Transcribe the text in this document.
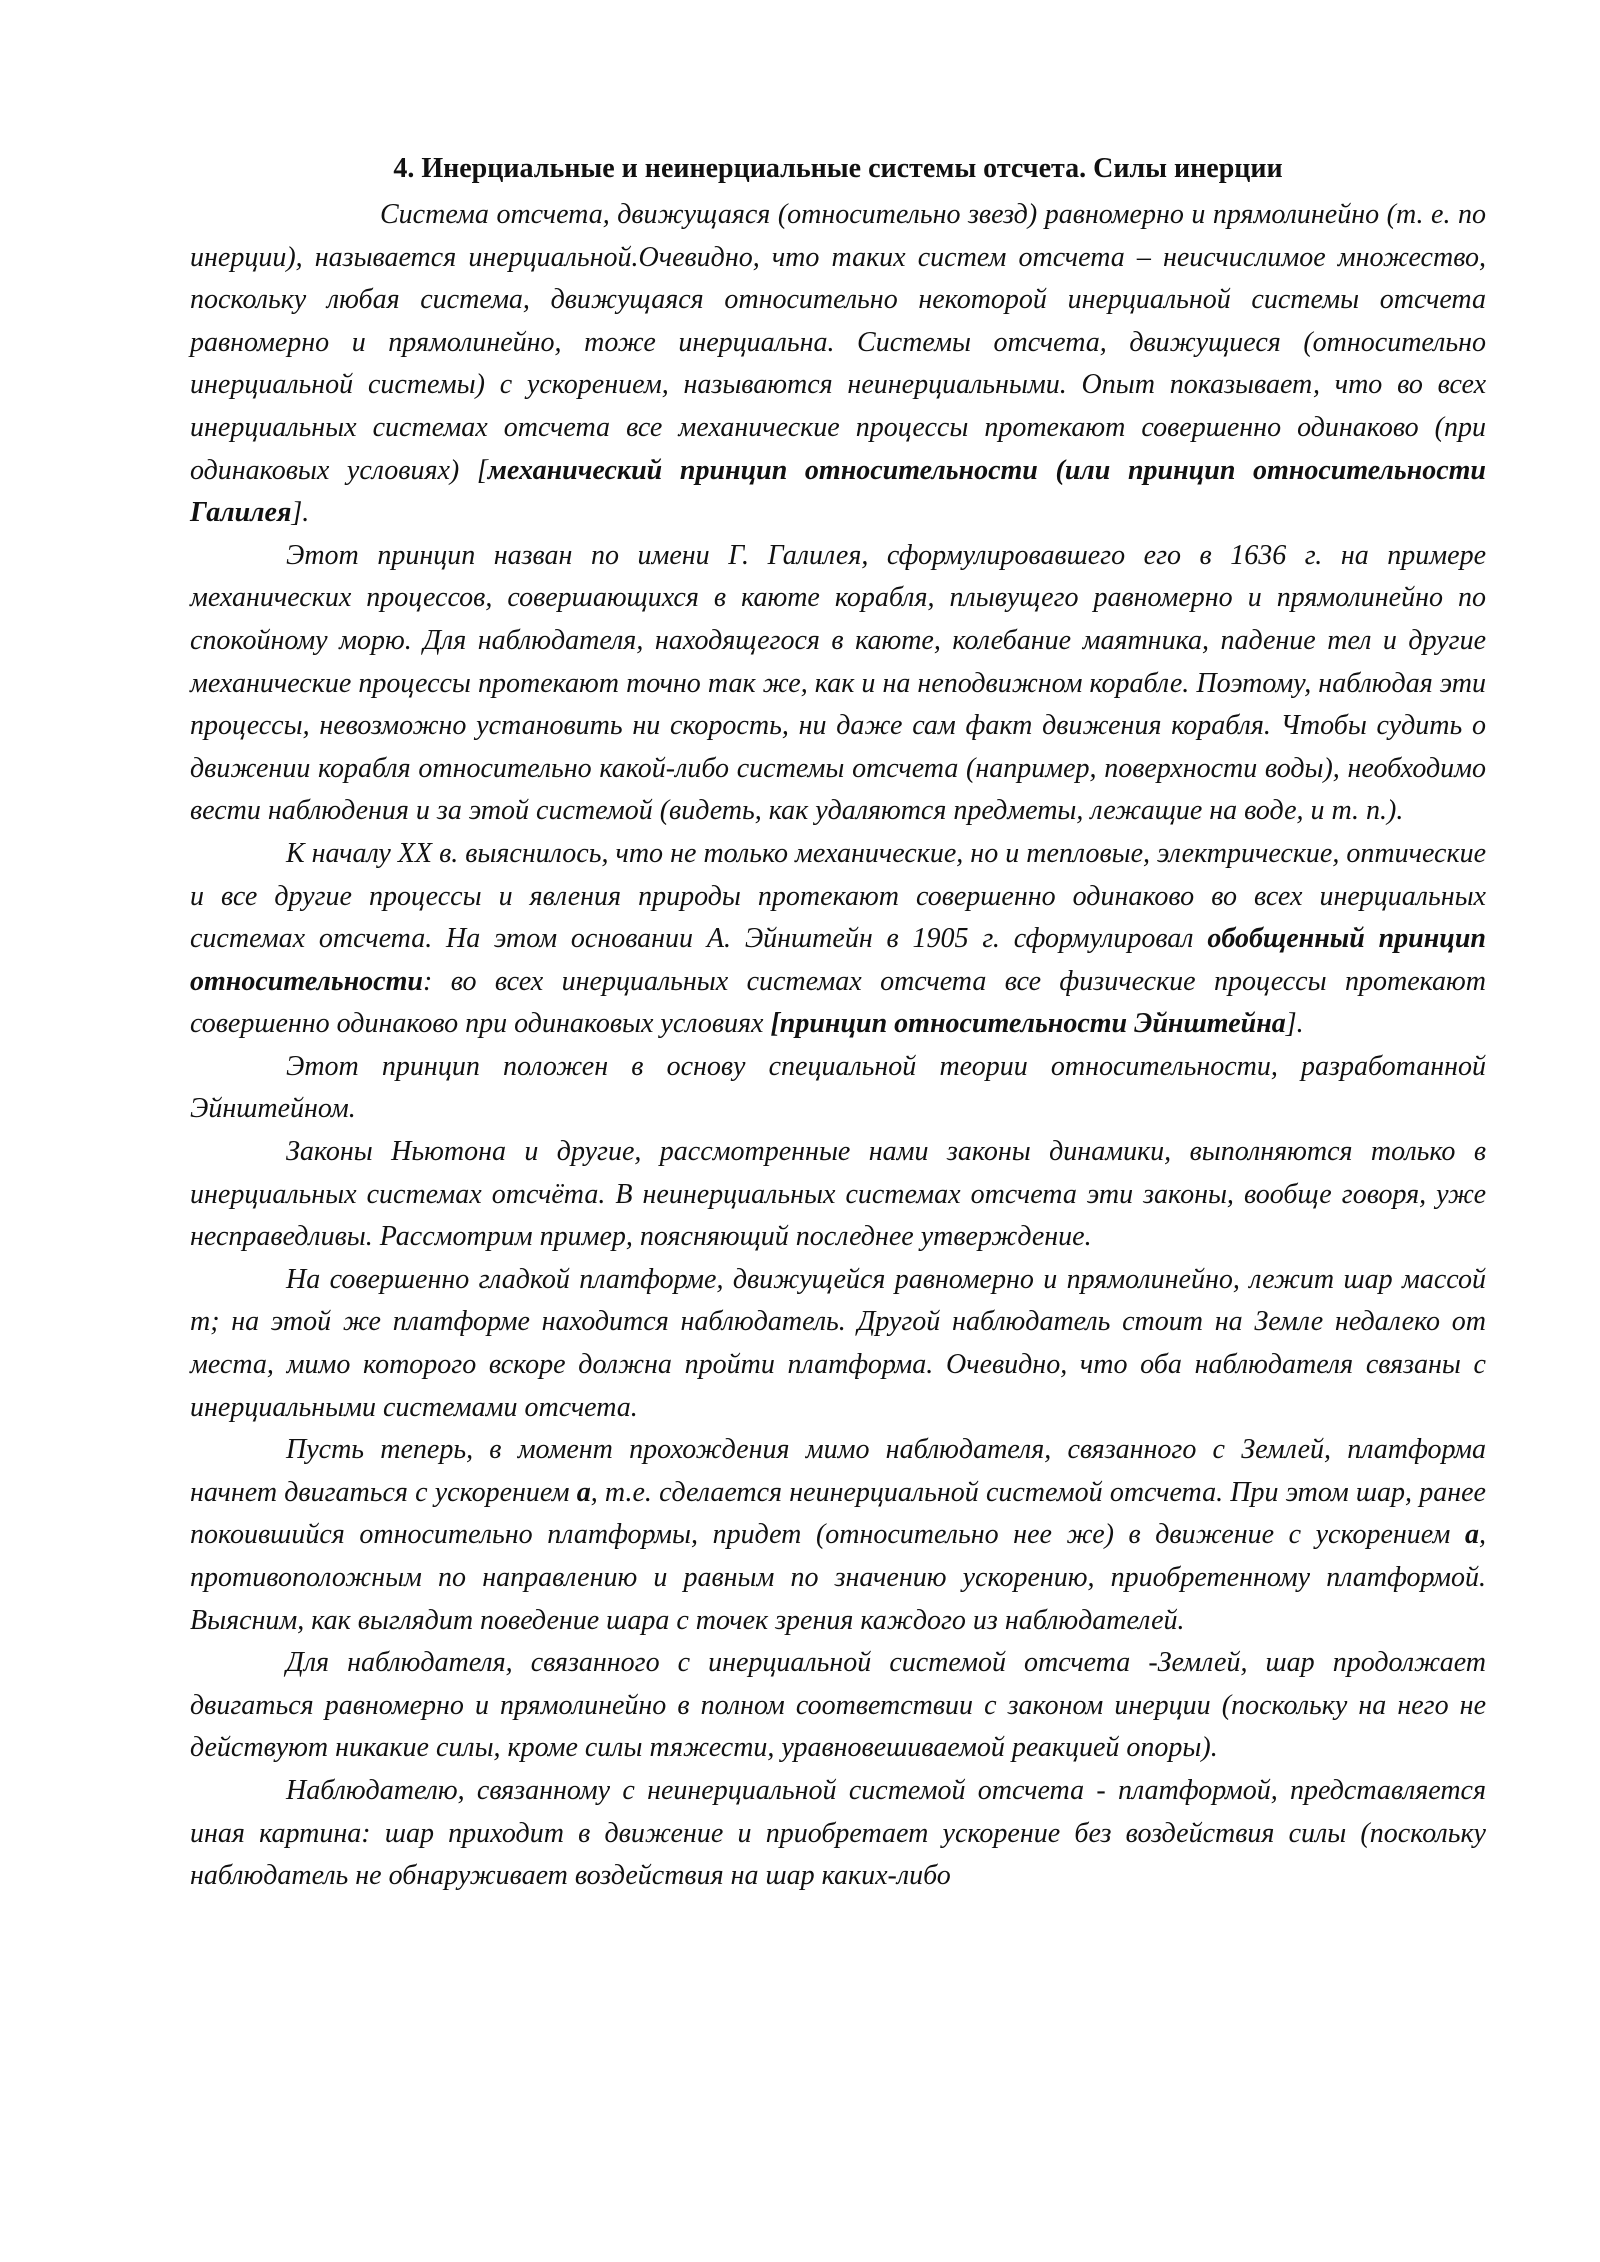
4. Инерциальные и неинерциальные системы отсчета. Силы инерции

Система отсчета, движущаяся (относительно звезд) равномерно и прямолинейно (т. е. по инерции), называется инерциальной.Очевидно, что таких систем отсчета – неисчислимое множество, поскольку любая система, движущаяся относительно некоторой инерциальной системы отсчета равномерно и прямолинейно, тоже инерциальна. Системы отсчета, движущиеся (относительно инерциальной системы) с ускорением, называются неинерциальными. Опыт показывает, что во всех инерциальных системах отсчета все механические процессы протекают совершенно одинаково (при одинаковых условиях) [механический принцип относительности (или принцип относительности Галилея].

Этот принцип назван по имени Г. Галилея, сформулировавшего его в 1636 г. на примере механических процессов, совершающихся в каюте корабля, плывущего равномерно и прямолинейно по спокойному морю. Для наблюдателя, находящегося в каюте, колебание маятника, падение тел и другие механические процессы протекают точно так же, как и на неподвижном корабле. Поэтому, наблюдая эти процессы, невозможно установить ни скорость, ни даже сам факт движения корабля. Чтобы судить о движении корабля относительно какой-либо системы отсчета (например, поверхности воды), необходимо вести наблюдения и за этой системой (видеть, как удаляются предметы, лежащие на воде, и т. п.).

К началу XX в. выяснилось, что не только механические, но и тепловые, электрические, оптические и все другие процессы и явления природы протекают совершенно одинаково во всех инерциальных системах отсчета. На этом основании А. Эйнштейн в 1905 г. сформулировал обобщенный принцип относительности: во всех инерциальных системах отсчета все физические процессы протекают совершенно одинаково при одинаковых условиях [принцип относительности Эйнштейна].

Этот принцип положен в основу специальной теории относительности, разработанной Эйнштейном.

Законы Ньютона и другие, рассмотренные нами законы динамики, выполняются только в инерциальных системах отсчёта. В неинерциальных системах отсчета эти законы, вообще говоря, уже несправедливы. Рассмотрим пример, поясняющий последнее утверждение.

На совершенно гладкой платформе, движущейся равномерно и прямолинейно, лежит шар массой m; на этой же платформе находится наблюдатель. Другой наблюдатель стоит на Земле недалеко от места, мимо которого вскоре должна пройти платформа. Очевидно, что оба наблюдателя связаны с инерциальными системами отсчета.

Пусть теперь, в момент прохождения мимо наблюдателя, связанного с Землей, платформа начнет двигаться с ускорением a, т.е. сделается неинерциальной системой отсчета. При этом шар, ранее покоившийся относительно платформы, придет (относительно нее же) в движение с ускорением a, противоположным по направлению и равным по значению ускорению, приобретенному платформой. Выясним, как выглядит поведение шара с точек зрения каждого из наблюдателей.

Для наблюдателя, связанного с инерциальной системой отсчета -Землей, шар продолжает двигаться равномерно и прямолинейно в полном соответствии с законом инерции (поскольку на него не действуют никакие силы, кроме силы тяжести, уравновешиваемой реакцией опоры).

Наблюдателю, связанному с неинерциальной системой отсчета - платформой, представляется иная картина: шар приходит в движение и приобретает ускорение без воздействия силы (поскольку наблюдатель не обнаруживает воздействия на шар каких-либо
